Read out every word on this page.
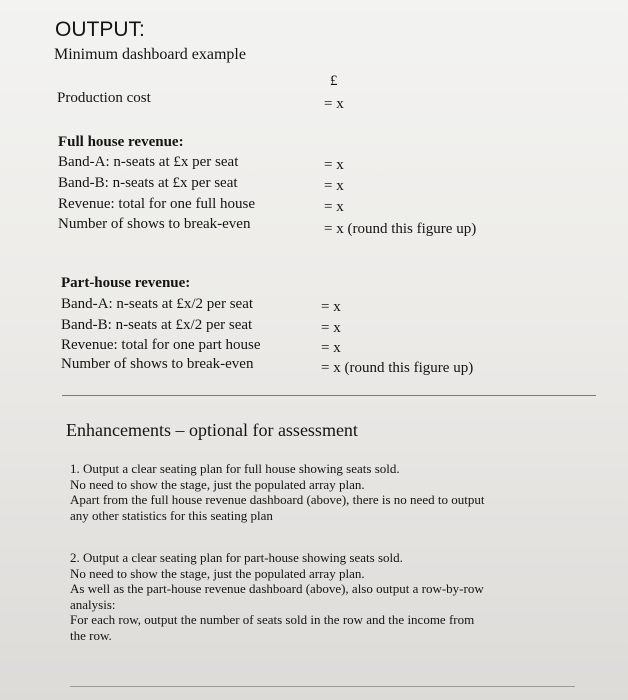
OUTPUT:
Minimum dashboard example
£
Production cost	= x
Full house revenue:
Band-A: n-seats at £x per seat	= x
Band-B: n-seats at £x per seat	= x
Revenue: total for one full house	= x
Number of shows to break-even	= x (round this figure up)
Part-house revenue:
Band-A: n-seats at £x/2 per seat	= x
Band-B: n-seats at £x/2 per seat	= x
Revenue: total for one part house	= x
Number of shows to break-even	= x (round this figure up)
Enhancements – optional for assessment
1. Output a clear seating plan for full house showing seats sold.
No need to show the stage, just the populated array plan.
Apart from the full house revenue dashboard (above), there is no need to output
any other statistics for this seating plan
2. Output a clear seating plan for part-house showing seats sold.
No need to show the stage, just the populated array plan.
As well as the part-house revenue dashboard (above), also output a row-by-row
analysis:
For each row, output the number of seats sold in the row and the income from
the row.
